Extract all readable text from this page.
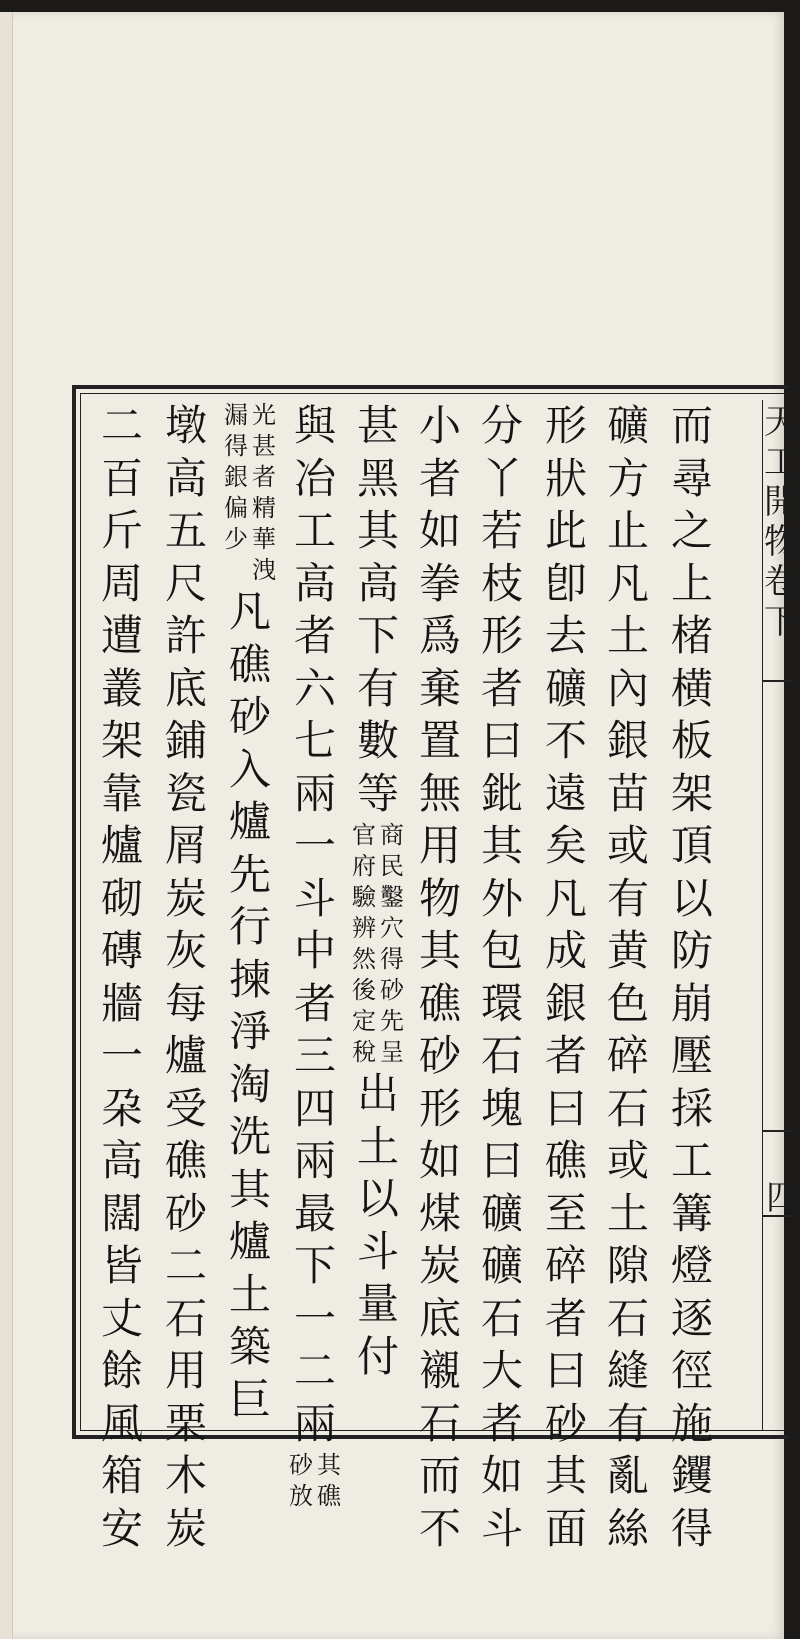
天
工
開
物
卷
下
四
而
尋
之
上
楮
横
板
架
頂
以
防
崩
壓
採
工
篝
燈
逐
徑
施
钁
得
礦
方
止
凡
土
內
銀
苗
或
有
黄
色
碎
石
或
土
隙
石
縫
有
亂
絲
形
狀
此
卽
去
礦
不
遠
矣
凡
成
銀
者
曰
礁
至
碎
者
曰
砂
其
面
分
丫
若
枝
形
者
曰
鈚
其
外
包
環
石
塊
曰
礦
礦
石
大
者
如
斗
小
者
如
拳
爲
棄
置
無
用
物
其
礁
砂
形
如
煤
炭
底
襯
石
而
不
甚
黑
其
高
下
有
數
等
商
民
鑿
穴
得
砂
先
呈
官
府
驗
辨
然
後
定
稅
出
土
以
斗
量
付
與
冶
工
高
者
六
七
兩
一
斗
中
者
三
四
兩
最
下
一
二
兩
其
礁
砂
放
光
甚
者
精
華
洩
漏
得
銀
偏
少
凡
礁
砂
入
爐
先
行
揀
淨
淘
洗
其
爐
土
築
巨
墩
高
五
尺
許
底
鋪
瓷
屑
炭
灰
每
爐
受
礁
砂
二
石
用
栗
木
炭
二
百
斤
周
遭
叢
架
靠
爐
砌
磚
牆
一
朶
高
闊
皆
丈
餘
風
箱
安
